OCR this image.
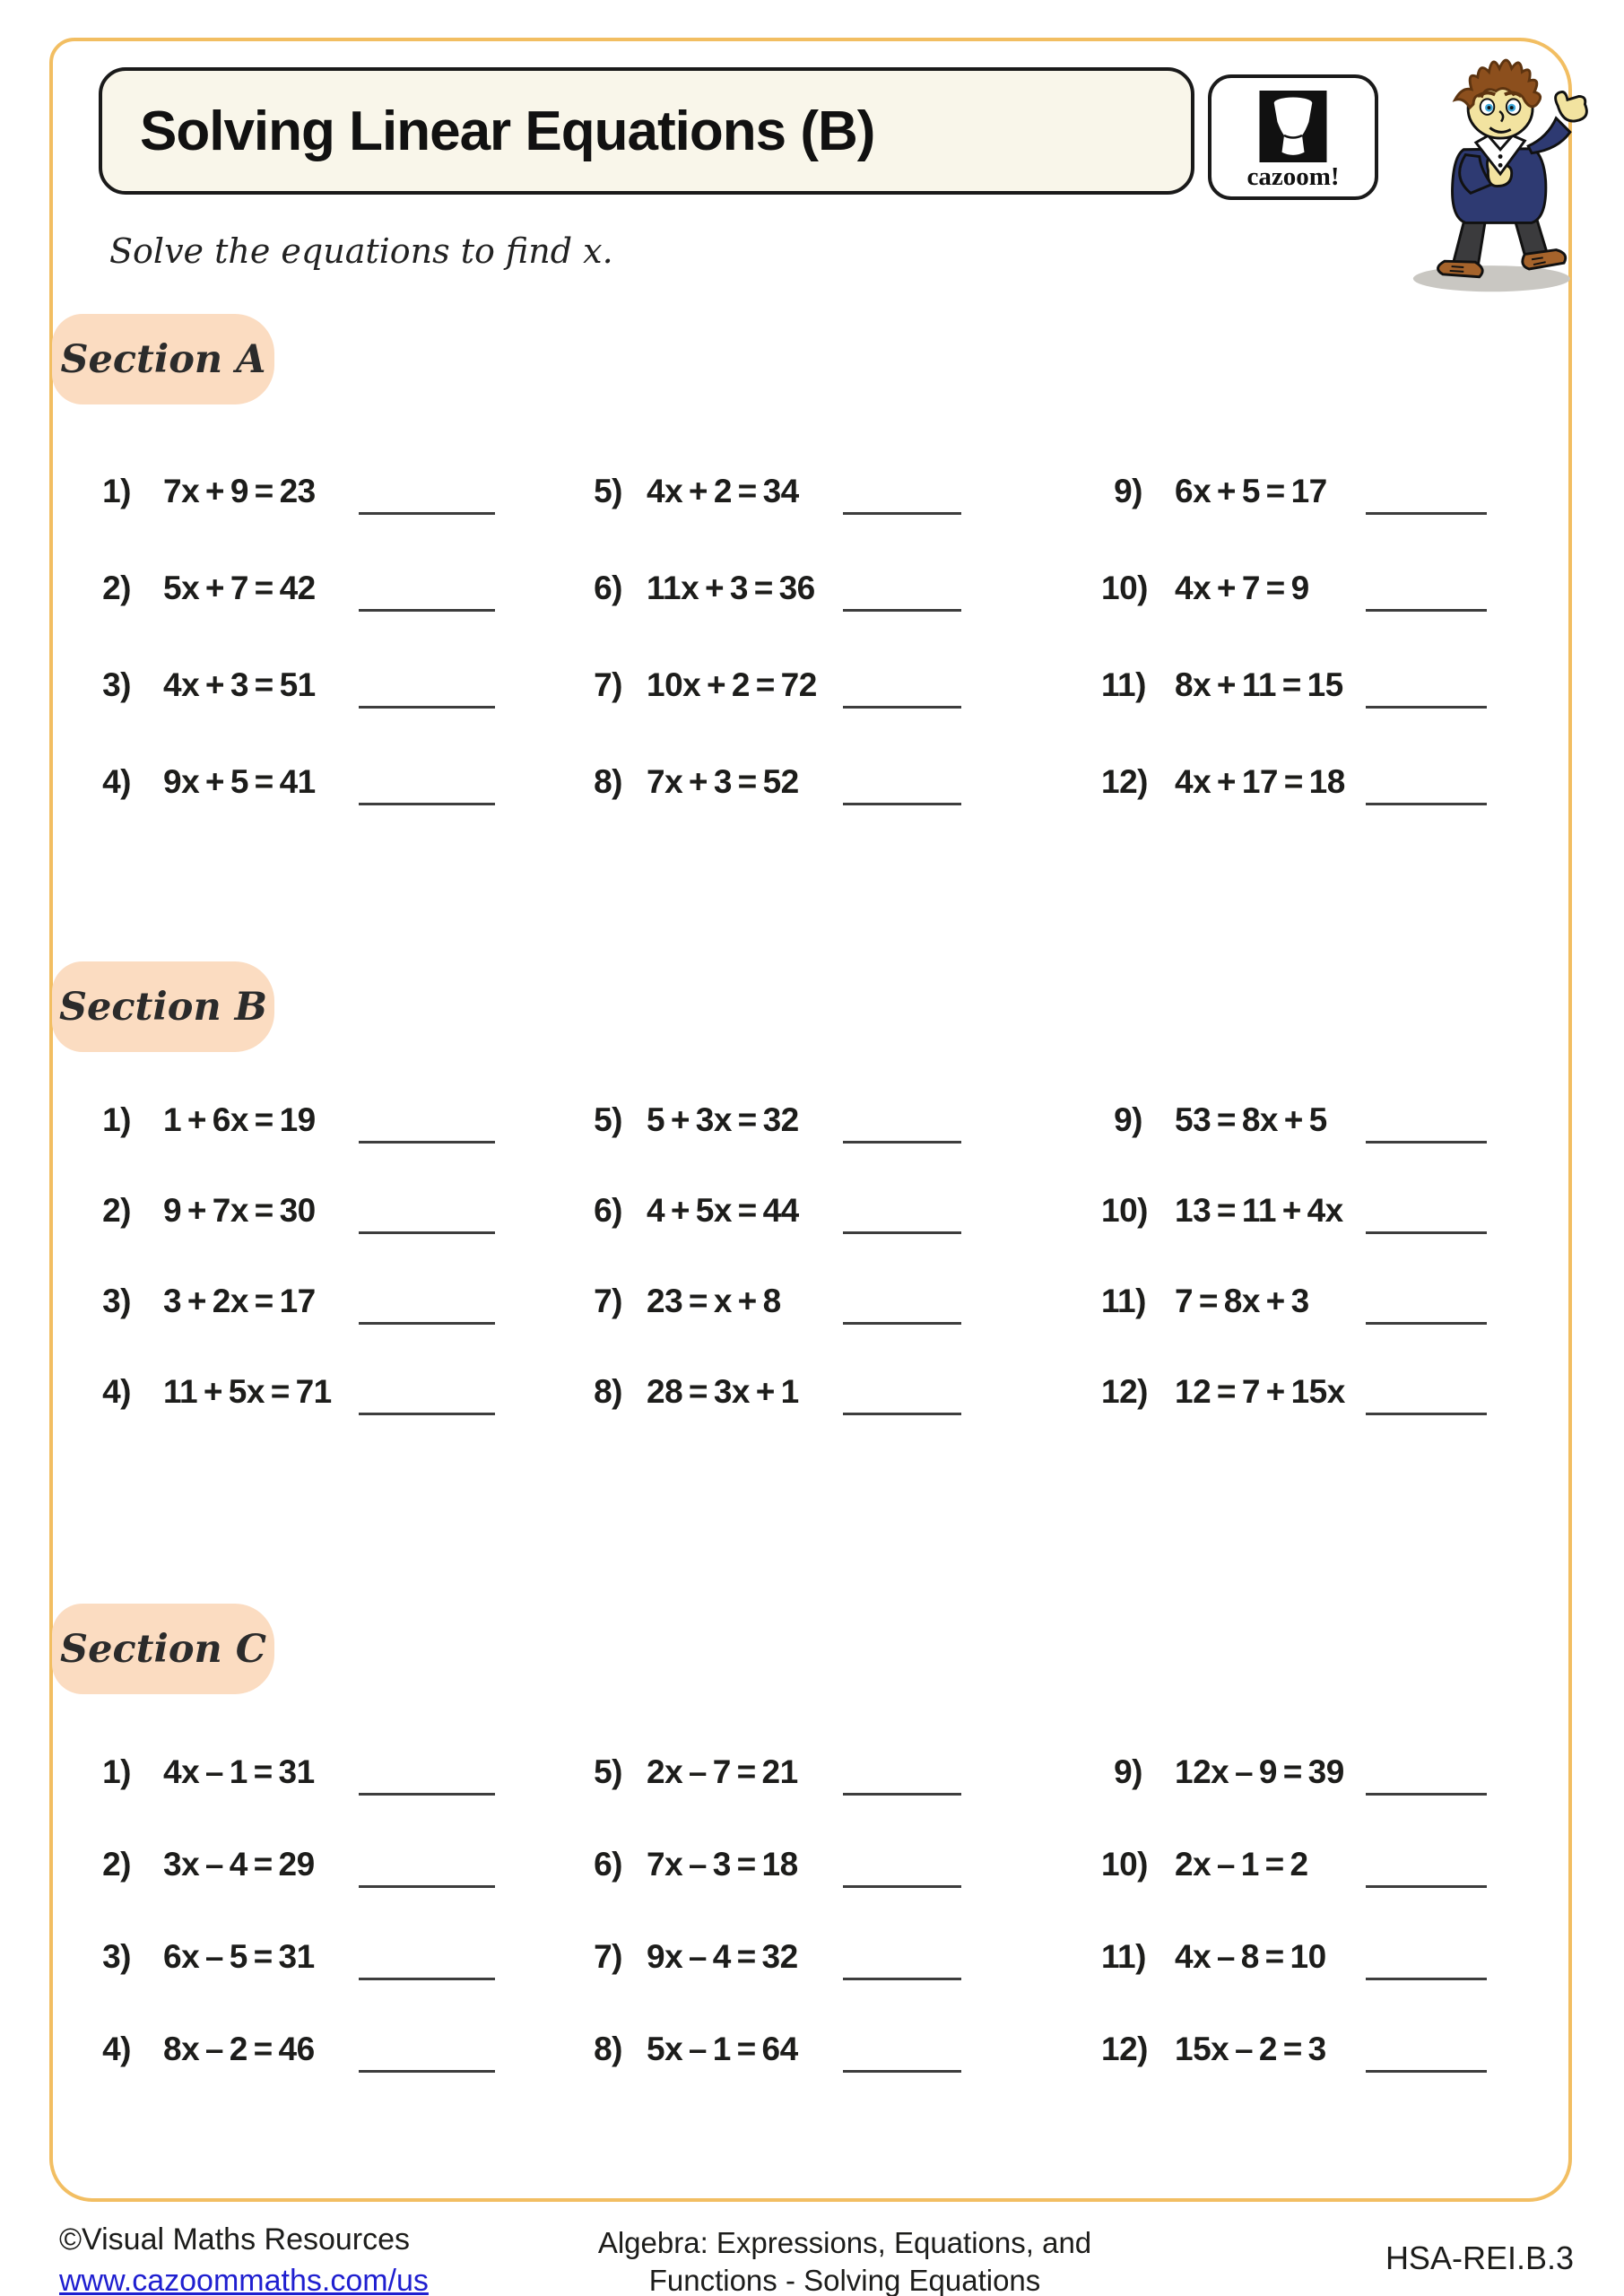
Solving Linear Equations (B)
cazoom!
Solve the equations to find x.
Section A
1) 7x + 9 = 23
2) 5x + 7 = 42
3) 4x + 3 = 51
4) 9x + 5 = 41
5) 4x + 2 = 34
6) 11x + 3 = 36
7) 10x + 2 = 72
8) 7x + 3 = 52
9) 6x + 5 = 17
10) 4x + 7 = 9
11) 8x + 11 = 15
12) 4x + 17 = 18
Section B
1) 1 + 6x = 19
2) 9 + 7x = 30
3) 3 + 2x = 17
4) 11 + 5x = 71
5) 5 + 3x = 32
6) 4 + 5x = 44
7) 23 = x + 8
8) 28 = 3x + 1
9) 53 = 8x + 5
10) 13 = 11 + 4x
11) 7 = 8x + 3
12) 12 = 7 + 15x
Section C
1) 4x – 1 = 31
2) 3x – 4 = 29
3) 6x – 5 = 31
4) 8x – 2 = 46
5) 2x – 7 = 21
6) 7x – 3 = 18
7) 9x – 4 = 32
8) 5x – 1 = 64
9) 12x – 9 = 39
10) 2x – 1 = 2
11) 4x – 8 = 10
12) 15x – 2 = 3
©Visual Maths Resources
www.cazoommaths.com/us
Algebra: Expressions, Equations, and
Functions - Solving Equations
HSA-REI.B.3
